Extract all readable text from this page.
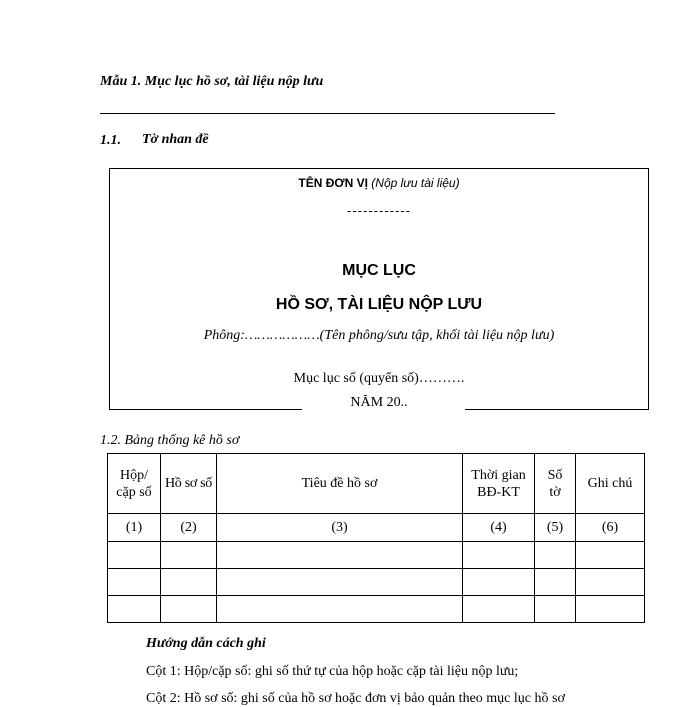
Mẫu 1. Mục lục hồ sơ, tài liệu nộp lưu
1.1. Tờ nhan đề
TÊN ĐƠN VỊ (Nộp lưu tài liệu)
------------
MỤC LỤC
HỒ SƠ, TÀI LIỆU NỘP LƯU
Phông:………………(Tên phông/sưu tập, khối tài liệu nộp lưu)
Mục lục số (quyển số)……….
NĂM 20..
1.2. Bảng thống kê hồ sơ
Hộp/ cặp số	Hồ sơ số	Tiêu đề hồ sơ	Thời gian BĐ-KT	Số tờ	Ghi chú
(1)	(2)	(3)	(4)	(5)	(6)

Hướng dẫn cách ghi
Cột 1: Hộp/cặp số: ghi số thứ tự của hộp hoặc cặp tài liệu nộp lưu;
Cột 2: Hồ sơ số: ghi số của hồ sơ hoặc đơn vị bảo quản theo mục lục hồ sơ
